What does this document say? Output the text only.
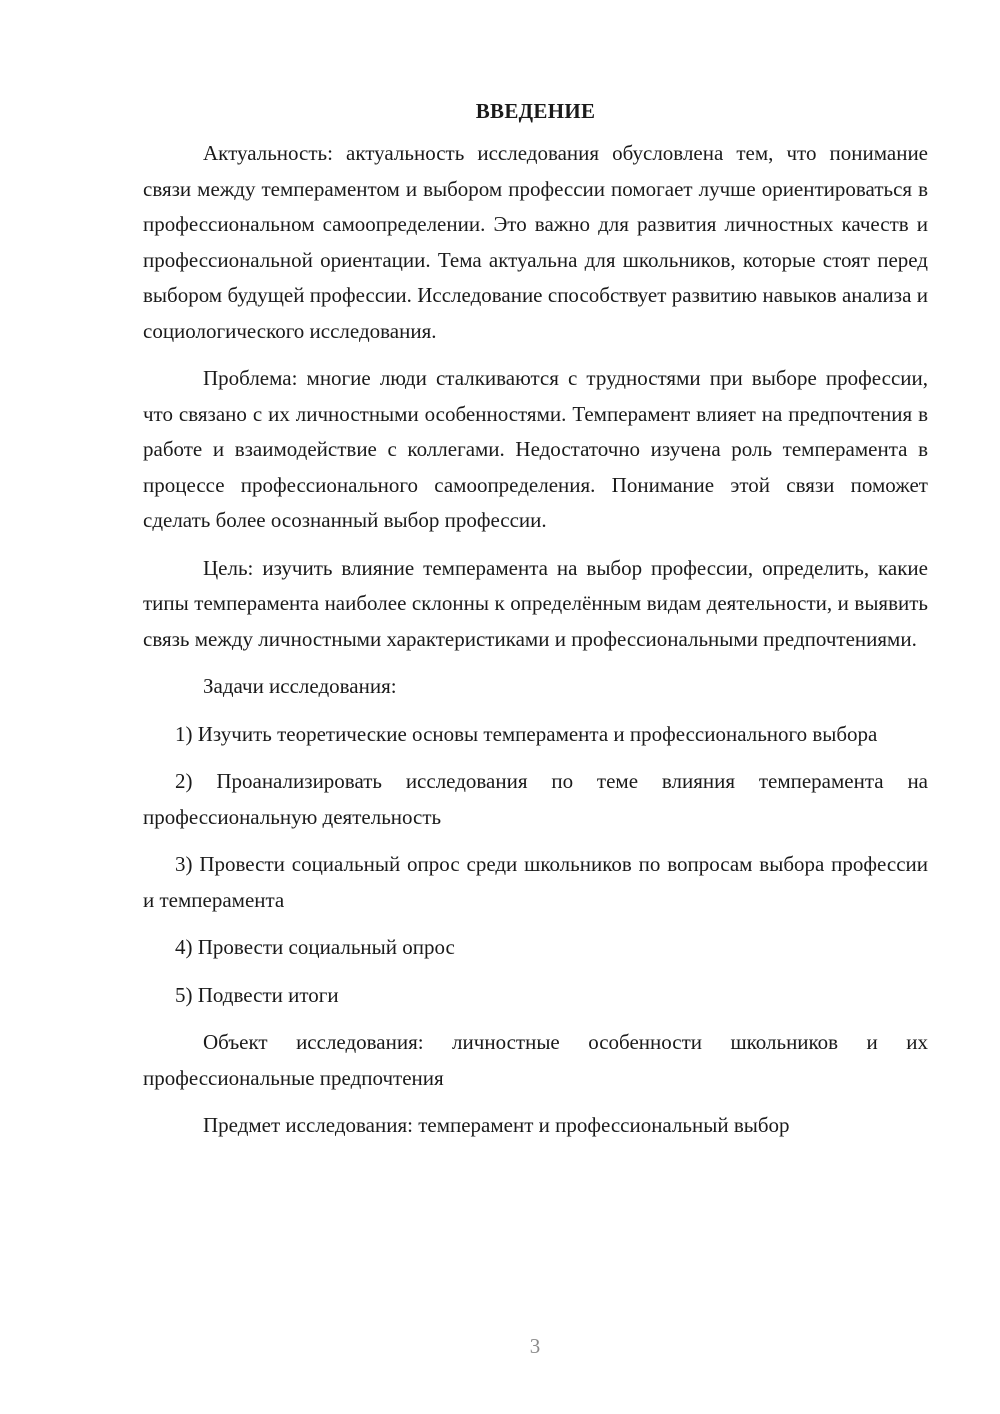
ВВЕДЕНИЕ

Актуальность: актуальность исследования обусловлена тем, что понимание связи между темпераментом и выбором профессии помогает лучше ориентироваться в профессиональном самоопределении. Это важно для развития личностных качеств и профессиональной ориентации. Тема актуальна для школьников, которые стоят перед выбором будущей профессии. Исследование способствует развитию навыков анализа и социологического исследования.

Проблема: многие люди сталкиваются с трудностями при выборе профессии, что связано с их личностными особенностями. Темперамент влияет на предпочтения в работе и взаимодействие с коллегами. Недостаточно изучена роль темперамента в процессе профессионального самоопределения. Понимание этой связи поможет сделать более осознанный выбор профессии.

Цель: изучить влияние темперамента на выбор профессии, определить, какие типы темперамента наиболее склонны к определённым видам деятельности, и выявить связь между личностными характеристиками и профессиональными предпочтениями.

Задачи исследования:

1) Изучить теоретические основы темперамента и профессионального выбора

2) Проанализировать исследования по теме влияния темперамента на профессиональную деятельность

3) Провести социальный опрос среди школьников по вопросам выбора профессии и темперамента

4) Провести социальный опрос

5) Подвести итоги

Объект исследования: личностные особенности школьников и их профессиональные предпочтения

Предмет исследования: темперамент и профессиональный выбор

3
